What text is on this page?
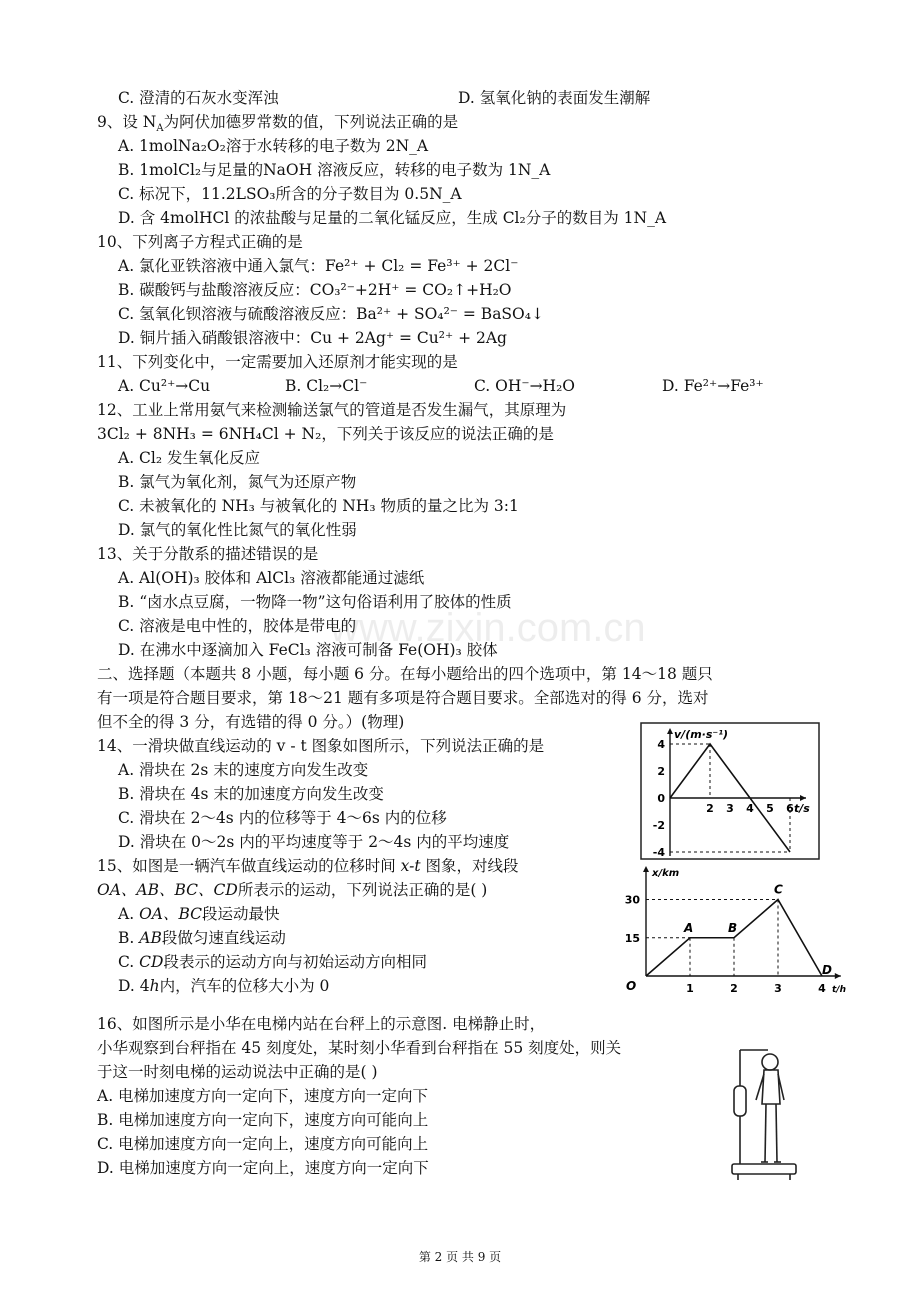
C. 澄清的石灰水变浑浊	D. 氢氧化钠的表面发生潮解
9、设 $N_A$为阿伏加德罗常数的值，下列说法正确的是
A. 1molNa₂O₂溶于水转移的电子数为 2N_A
B. 1molCl₂与足量的NaOH 溶液反应，转移的电子数为 1N_A
C. 标况下，11.2LSO₃所含的分子数目为 0.5N_A
D. 含 4molHCl 的浓盐酸与足量的二氧化锰反应，生成 Cl₂分子的数目为 1N_A
10、下列离子方程式正确的是
A. 氯化亚铁溶液中通入氯气：Fe²⁺ + Cl₂ = Fe³⁺ + 2Cl⁻
B. 碳酸钙与盐酸溶液反应：CO₃²⁻+2H⁺ = CO₂↑+H₂O
C. 氢氧化钡溶液与硫酸溶液反应：Ba²⁺ + SO₄²⁻ = BaSO₄↓
D. 铜片插入硝酸银溶液中：Cu + 2Ag⁺ = Cu²⁺ + 2Ag
11、下列变化中，一定需要加入还原剂才能实现的是
A. Cu²⁺→Cu	B. Cl₂→Cl⁻	C. OH⁻→H₂O	D. Fe²⁺→Fe³⁺
12、工业上常用氨气来检测输送氯气的管道是否发生漏气，其原理为
3Cl₂ + 8NH₃ = 6NH₄Cl + N₂，下列关于该反应的说法正确的是
A. Cl₂ 发生氧化反应
B. 氯气为氧化剂，氮气为还原产物
C. 未被氧化的 NH₃ 与被氧化的 NH₃ 物质的量之比为 3:1
D. 氯气的氧化性比氮气的氧化性弱
13、关于分散系的描述错误的是
A. Al(OH)₃ 胶体和 AlCl₃ 溶液都能通过滤纸
B. “卤水点豆腐，一物降一物”这句俗语利用了胶体的性质
C. 溶液是电中性的，胶体是带电的
D. 在沸水中逐滴加入 FeCl₃ 溶液可制备 Fe(OH)₃ 胶体
www.zixin.com.cn
二、选择题（本题共 8 小题，每小题 6 分。在每小题给出的四个选项中，第 14～18 题只
有一项是符合题目要求，第 18～21 题有多项是符合题目要求。全部选对的得 6 分，选对
但不全的得 3 分，有选错的得 0 分。）(物理)
14、一滑块做直线运动的 v - t 图象如图所示，下列说法正确的是
A. 滑块在 2s 末的速度方向发生改变
B. 滑块在 4s 末的加速度方向发生改变
C. 滑块在 2～4s 内的位移等于 4～6s 内的位移
D. 滑块在 0～2s 内的平均速度等于 2～4s 内的平均速度
v/(m·s⁻¹)
t/s
4
2
0
-2
-4
2 3 4 5 6
15、如图是一辆汽车做直线运动的位移时间 x-t 图象，对线段
OA、AB、BC、CD所表示的运动，下列说法正确的是( )
A. OA、BC段运动最快
B. AB段做匀速直线运动
C. CD段表示的运动方向与初始运动方向相同
D. 4h内，汽车的位移大小为 0
x/km
t/h
O
15
30
1	2	3	4
A	B
C
D
16、如图所示是小华在电梯内站在台秤上的示意图. 电梯静止时，
小华观察到台秤指在 45 刻度处，某时刻小华看到台秤指在 55 刻度处，则关
于这一时刻电梯的运动说法中正确的是( )
A. 电梯加速度方向一定向下，速度方向一定向下
B. 电梯加速度方向一定向下，速度方向可能向上
C. 电梯加速度方向一定向上，速度方向可能向上
D. 电梯加速度方向一定向上，速度方向一定向下
第 2 页 共 9 页
